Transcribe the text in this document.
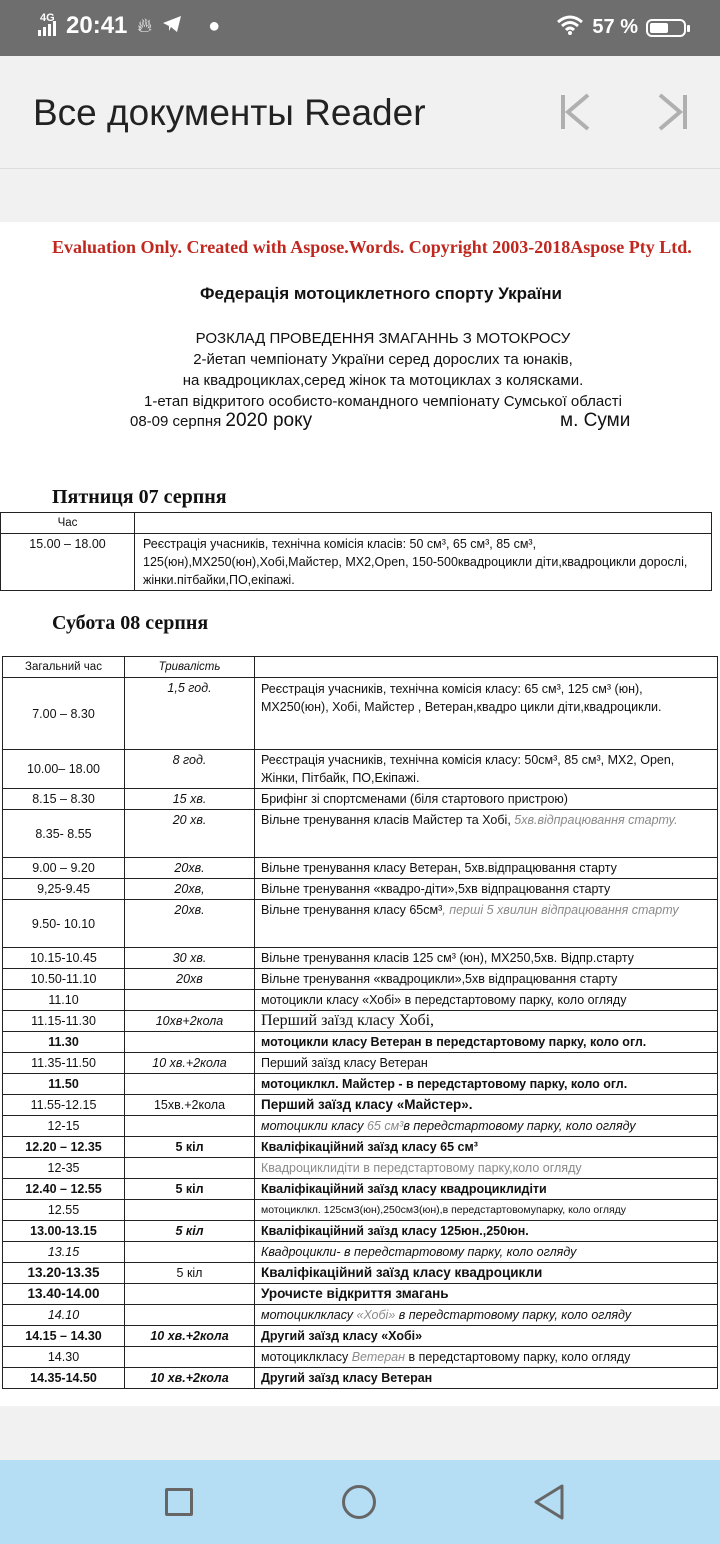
4G 20:41 🔥︎	●	57 %
Все документы Reader
Evaluation Only. Created with Aspose.Words. Copyright 2003-2018Aspose Pty Ltd.
Федерація мотоциклетного спорту України
РОЗКЛАД ПРОВЕДЕННЯ ЗМАГАННЬ З МОТОКРОСУ
2-йетап чемпіонату України серед дорослих та юнаків,
на квадроциклах,серед жінок та мотоциклах з колясками.
1-етап відкритого особисто-командного чемпіонату Сумської області
08-09 серпня 2020 року	м. Суми
Пятниця 07 серпня
Час	
15.00 – 18.00	Реєстрація учасників, технічна комісія класів: 50 см³, 65 см³, 85 см³, 125(юн),МХ250(юн),Хобі,Майстер, МХ2,Open, 150-500квадроцикли діти,квадроцикли дорослі, жінки.пітбайки,ПО,екіпажі.
Субота 08 серпня
Загальний час	Тривалість	
7.00 – 8.30	1,5 год.	Реєстрація учасників, технічна комісія класу: 65 см³, 125 см³ (юн), МХ250(юн), Хобі, Майстер , Ветеран,квадро цикли діти,квадроцикли.
10.00– 18.00	8 год.	Реєстрація учасників, технічна комісія класу: 50см³, 85 см³, МХ2, Open, Жінки, Пітбайк, ПО,Екіпажі.
8.15 – 8.30	15 хв.	Брифінг зі спортсменами (біля стартового пристрою)
8.35- 8.55	20 хв.	Вільне тренування класів Майстер та Хобі, 5хв.відпрацювання старту.
9.00 – 9.20	20хв.	Вільне тренування класу Ветеран, 5хв.відпрацювання старту
9,25-9.45	20хв,	Вільне тренування «квадро-діти»,5хв відпрацювання старту
9.50- 10.10	20хв.	Вільне тренування класу 65см³, перші 5 хвилин відпрацювання старту
10.15-10.45	30 хв.	Вільне тренування класів 125 см³ (юн), МХ250,5хв. Відпр.старту
10.50-11.10	20хв	Вільне тренування «квадроцикли»,5хв відпрацювання старту
11.10		мотоцикли класу «Хобі» в передстартовому парку, коло огляду
11.15-11.30	10хв+2кола	Перший заїзд класу Хобі,
11.30		мотоцикли класу Ветеран в передстартовому парку, коло огл.
11.35-11.50	10 хв.+2кола	Перший заїзд класу Ветеран
11.50		мотоциклкл. Майстер - в передстартовому парку, коло огл.
11.55-12.15	15хв.+2кола	Перший заїзд класу «Майстер».
12-15		мотоцикли класу 65 см³в передстартовому парку, коло огляду
12.20 – 12.35	5 кіл	Кваліфікаційний заїзд класу 65 см³
12-35		Квадроциклидіти в передстартовому парку,коло огляду
12.40 – 12.55	5 кіл	Кваліфікаційний заїзд класу квадроциклидіти
12.55		мотоциклкл. 125см3(юн),250см3(юн),в передстартовомупарку, коло огляду
13.00-13.15	5 кіл	Кваліфікаційний заїзд класу 125юн.,250юн.
13.15		Квадроцикли- в передстартовому парку, коло огляду
13.20-13.35	5 кіл	Кваліфікаційний заїзд класу квадроцикли
13.40-14.00		Урочисте відкриття змагань
14.10		мотоциклкласу «Хобі» в передстартовому парку, коло огляду
14.15 – 14.30	10 хв.+2кола	Другий заїзд класу «Хобі»
14.30		мотоциклкласу Ветеран в передстартовому парку, коло огляду
14.35-14.50	10 хв.+2кола	Другий заїзд класу Ветеран
